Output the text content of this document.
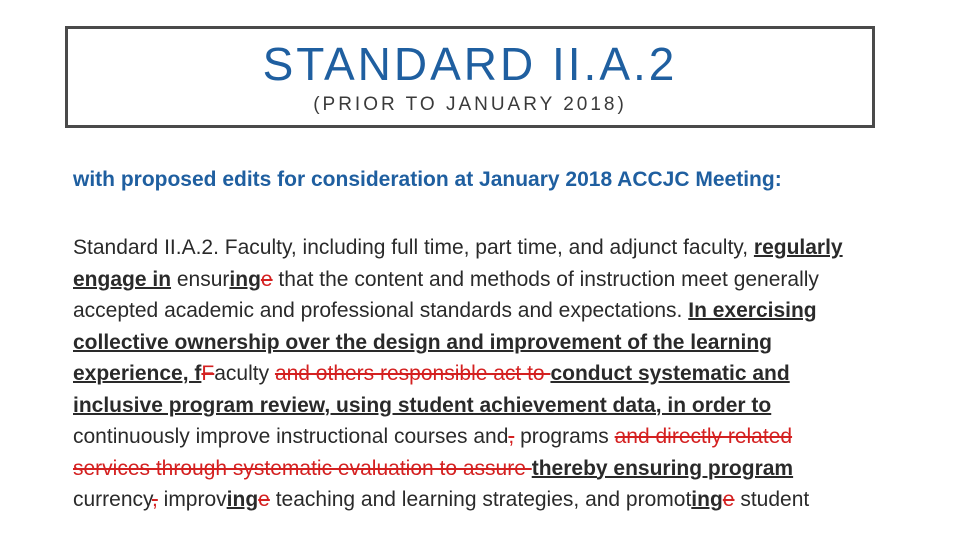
STANDARD II.A.2
(PRIOR TO JANUARY 2018)
with proposed edits for consideration at January 2018 ACCJC Meeting:
Standard II.A.2. Faculty, including full time, part time, and adjunct faculty, regularly engage in ensuringe that the content and methods of instruction meet generally accepted academic and professional standards and expectations. In exercising collective ownership over the design and improvement of the learning experience, fFaculty and others responsible act to conduct systematic and inclusive program review, using student achievement data, in order to continuously improve instructional courses and, programs and directly related services through systematic evaluation to assure thereby ensuring program currency, improvinge teaching and learning strategies, and promotinge student
